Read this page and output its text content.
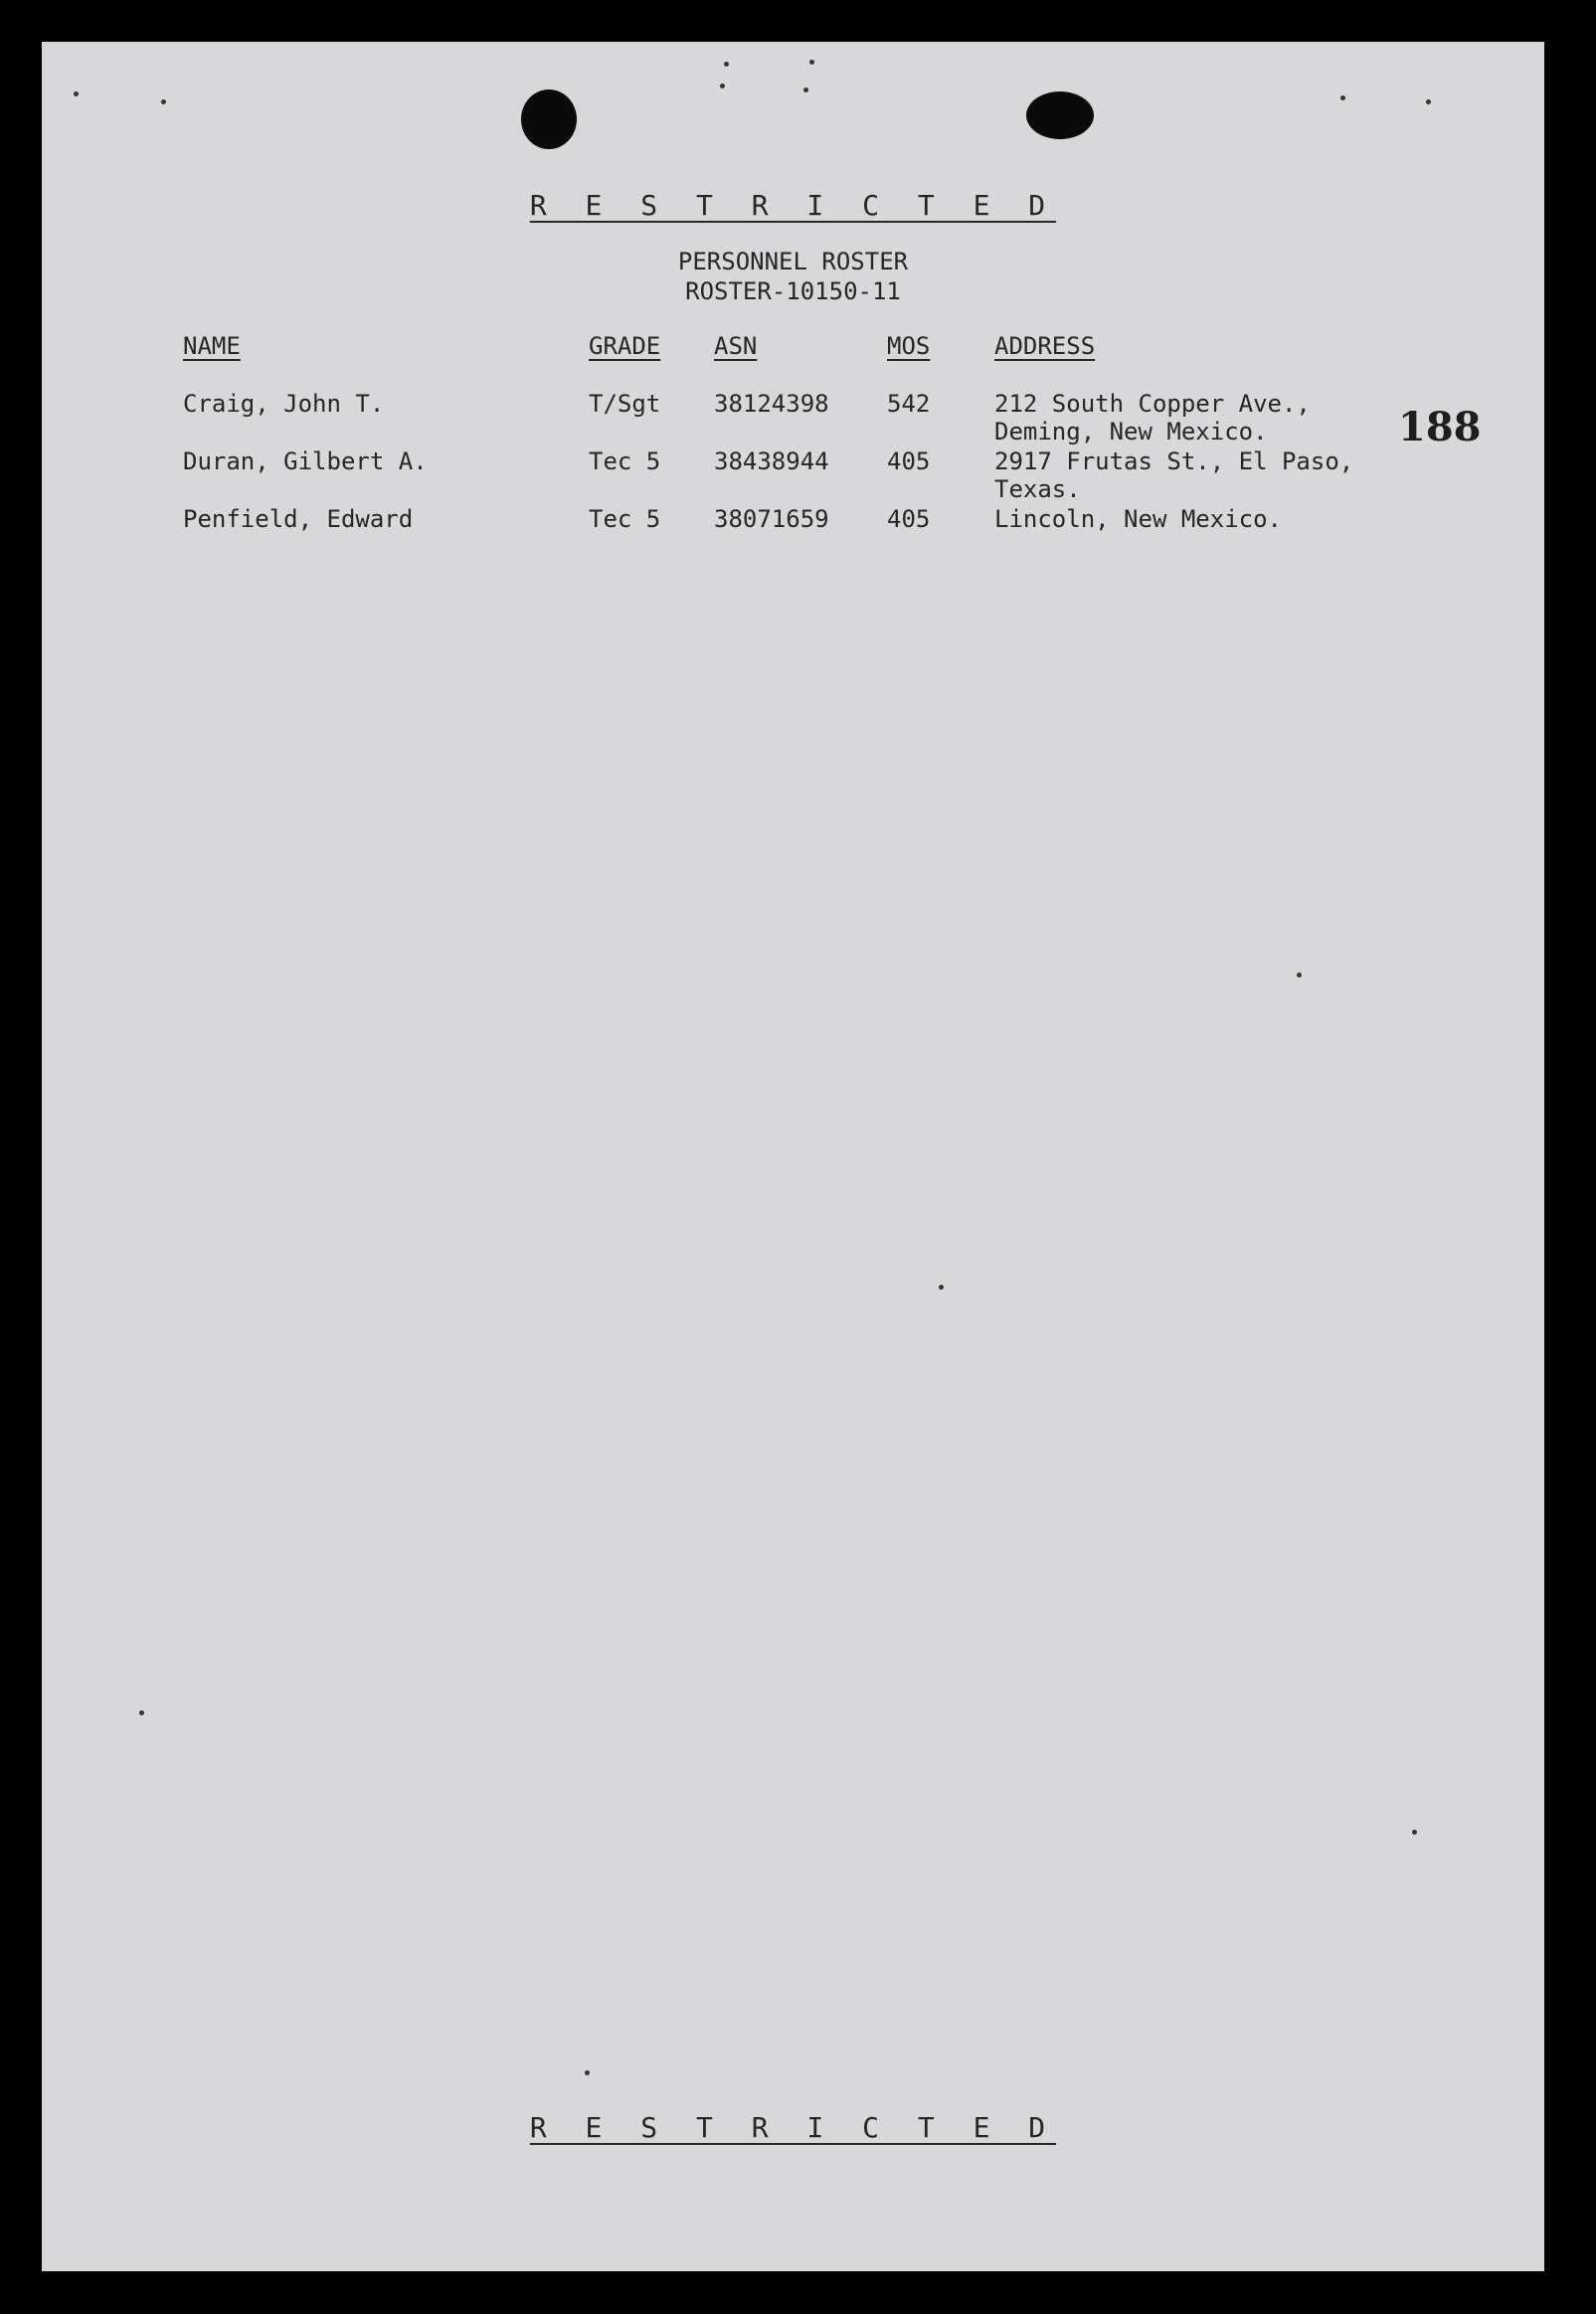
R E S T R I C T E D
PERSONNEL ROSTER
ROSTER-10150-11
188
NAME	GRADE ASN	MOS	ADDRESS
Craig, John T.	T/Sgt 38124398 542	212 South Copper Ave.,
Deming, New Mexico.
Duran, Gilbert A.	Tec 5 38438944 405	2917 Frutas St., El Paso,
Texas.
Penfield, Edward	Tec 5 38071659 405	Lincoln, New Mexico.
R E S T R I C T E D
